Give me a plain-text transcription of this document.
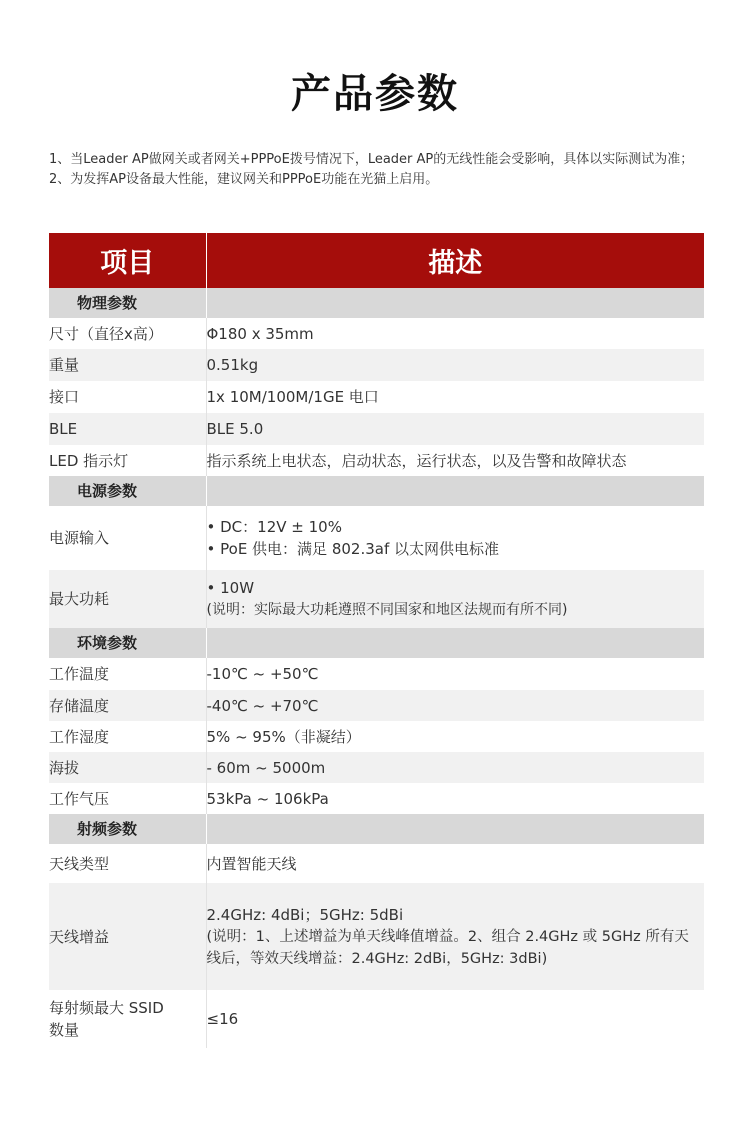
产品参数
1、当Leader AP做网关或者网关+PPPoE拨号情况下，Leader AP的无线性能会受影响，具体以实际测试为准；
2、为发挥AP设备最大性能，建议网关和PPPoE功能在光猫上启用。
项目	描述
物理参数	
尺寸（直径x高）	Φ180 x 35mm
重量	0.51kg
接口	1x 10M/100M/1GE 电口
BLE	BLE 5.0
LED 指示灯	指示系统上电状态，启动状态，运行状态，以及告警和故障状态
电源参数	
电源输入	• DC：12V ± 10%
• PoE 供电：满足 802.3af 以太网供电标准

最大功耗	• 10W
(说明：实际最大功耗遵照不同国家和地区法规而有所不同)

环境参数	
工作温度	-10℃ ~ +50℃
存储温度	-40℃ ~ +70℃
工作湿度	5% ~ 95%（非凝结）
海拔	- 60m ~ 5000m
工作气压	53kPa ~ 106kPa
射频参数	
天线类型	内置智能天线
天线增益	2.4GHz: 4dBi；5GHz: 5dBi
(说明：1、上述增益为单天线峰值增益。2、组合 2.4GHz 或 5GHz 所有天线后，等效天线增益：2.4GHz: 2dBi，5GHz: 3dBi)

每射频最大 SSID 数量	≤16
